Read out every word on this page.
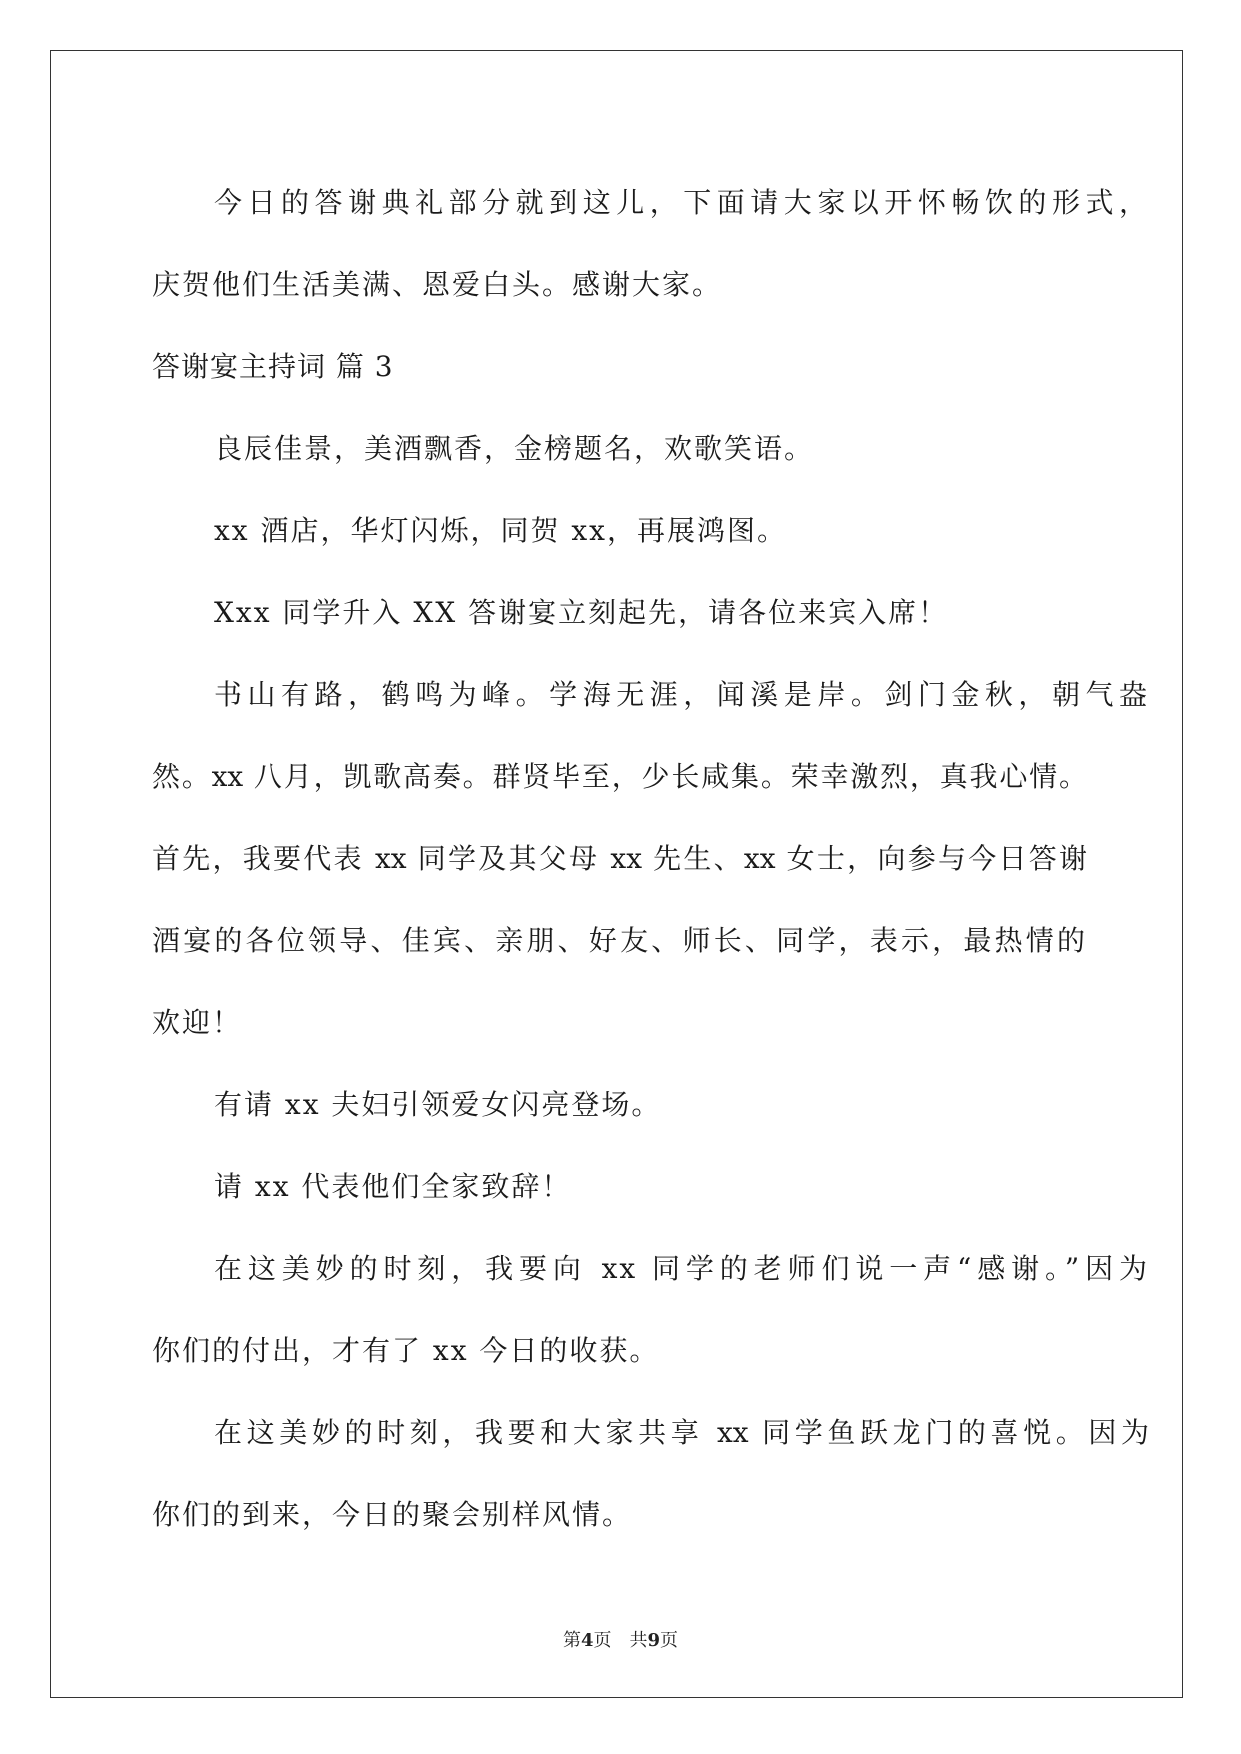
今日的答谢典礼部分就到这儿，下面请大家以开怀畅饮的形式，
庆贺他们生活美满、恩爱白头。感谢大家。
答谢宴主持词 篇 3
良辰佳景，美酒飘香，金榜题名，欢歌笑语。
xx 酒店，华灯闪烁，同贺 xx，再展鸿图。
Xxx 同学升入 XX 答谢宴立刻起先，请各位来宾入席！
书山有路，鹤鸣为峰。学海无涯，闻溪是岸。剑门金秋，朝气盎
然。xx 八月，凯歌高奏。群贤毕至，少长咸集。荣幸激烈，真我心情。
首先，我要代表 xx 同学及其父母 xx 先生、xx 女士，向参与今日答谢
酒宴的各位领导、佳宾、亲朋、好友、师长、同学，表示，最热情的
欢迎！
有请 xx 夫妇引领爱女闪亮登场。
请 xx 代表他们全家致辞！
在这美妙的时刻，我要向 xx 同学的老师们说一声“感谢。”因为
你们的付出，才有了 xx 今日的收获。
在这美妙的时刻，我要和大家共享 xx 同学鱼跃龙门的喜悦。因为
你们的到来，今日的聚会别样风情。
第4页 共9页
